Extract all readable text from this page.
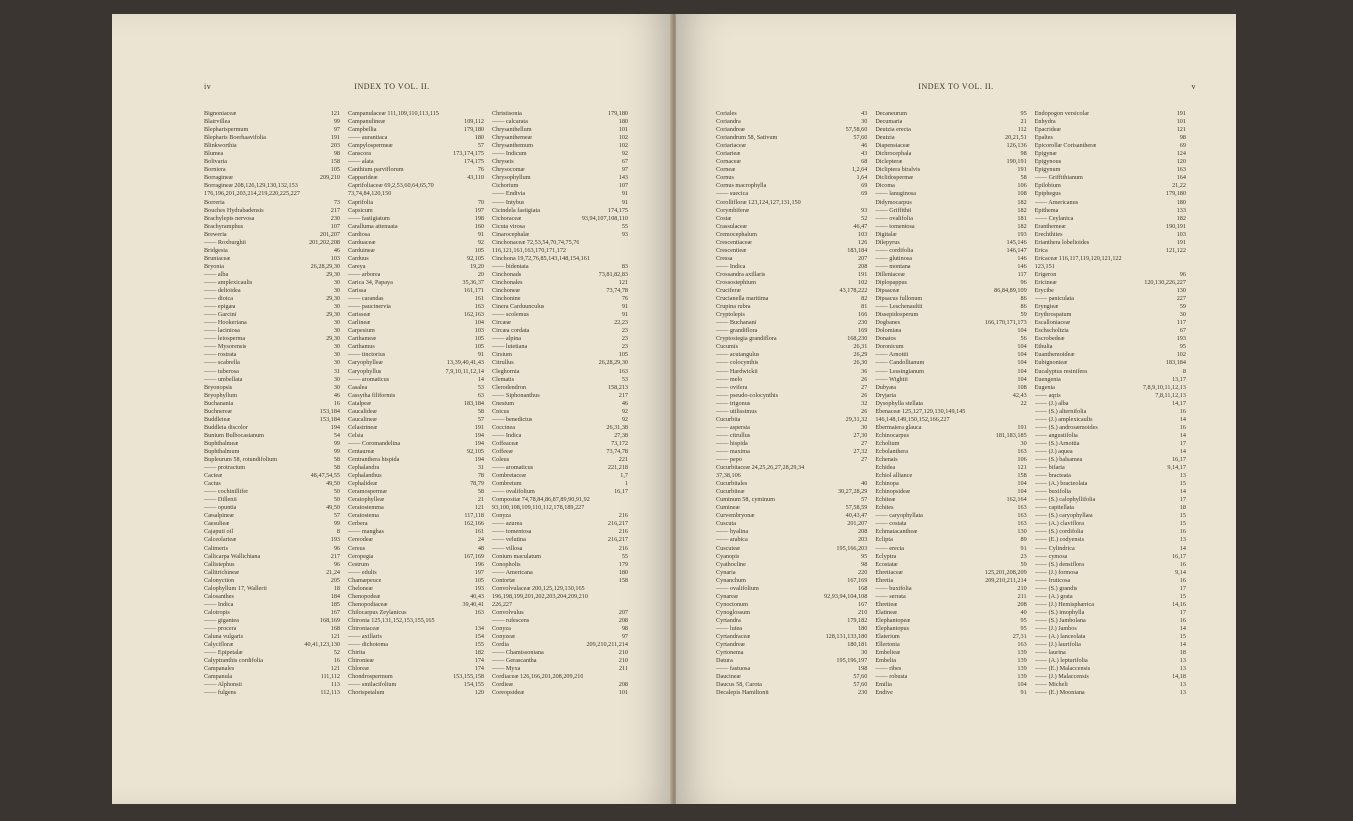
iv	INDEX TO VOL. II.
Bignoniaceæ	121
Blairvillea	99
Blepharispermum	97
Blepharis Boerhaavifolia	191
Blinkworthia	203
Blumea	98
Bolivaria	158
Borniera	105
Borragineæ	209,210
Borragineæ 208,126,129,130,132,153
176,196,201,203,214,219,220,225,227
Borreria	73
Bouches Hydrabadensis	217
Brachylepis nervosa	230
Brachyramphus	107
Breweria	201,207
—— Roxburghii	201,202,208
Bridgesia	46
Bruniaceæ	103
Bryonia	26,28,29,30
—— alba	29,30
—— amplexicaulis	30
—— deltoidea	30
—— dioica	29,30
—— epigæa	30
—— Garcini	29,30
—— Hookeriana	30
—— laciniosa	30
—— leiosperma	29,30
—— Mysorensis	30
—— rostrata	30
—— scabrella	30
—— tuberosa	31
—— umbellata	30
Bryonopsis	30
Bryophyllum	46
Buchanania	16
Buchnereæ	153,184
Buddleieæ	153,184
Buddleia discolor	194
Bunium Bulbocastanum	54
Buphthalmeæ	99
Buphthalmum	99
Bupleurum 58, rotundifolium	58
—— protractum	58
Cacteæ	48,47,54,55
Cactus	49,50
—— cochinillifer	50
—— Dillenii	50
—— opuntia	49,50
Cæsalpineæ	57
Caesulieæ	99
Cajaputi oil	8
Calceolarieæ	193
Calimeris	96
Callicarpa Wallichiana	217
Callistephus	96
Callitrichineæ	21,24
Calonyction	205
Calophyllum 17, Wallerii	18
Calosanthes	184
—— Indica	185
Calotropis	167
—— gigantea	168,169
—— procera	168
Caluna vulgaris	121
Calycifloræ	40,41,123,130
—— Epipetalæ	52
Calyptranthis cordifolia	16
Campanales	121
Campanula	111,112
—— Alphonsii	113
—— fulgens	112,113
Campanulaceæ 111,109,110,113,115
Campanulineæ	109,112
Campbellia	179,180
—— aurantiaca	180
Campylospermeæ	57
Canscora	173,174,175
—— alata	174,175
Canthium parviflorum	76
Capparideæ	43,110
Caprifoliaceæ 69,2,53,60,64,65,70
73,74,84,120,150
Caprifolia	70
Capsicum	197
—— fastigiatum	198
Caralluma attenuata	160
Cardiosa	91
Carduaceæ	92
Carduineæ	105
Carduus	92,105
Careya	19,20
—— arborea	20
Carica 34, Papaya	35,36,37
Carissa	161,171
—— carandas	161
—— paucinervia	163
Carisseæ	162,163
Carlineæ	104
Carpesium	103
Carthameæ	105
Carthamus	105
—— tinctorius	91
Caryophylleæ	13,39,40,41,43
Caryophyllus	7,9,10,11,12,14
—— aromaticus	14
Casalea	53
Cassytha filiformis	63
Catalpeæ	183,184
Caucalideæ	58
Caucalineæ	57
Celastrineæ	191
Celsia	194
—— Coromandelina	194
Centaureæ	92,105
Centranthera hispida	194
Cephalandra	31
Cephalanthus	78
Cephalideæ	78,79
Ceramospermæ	58
Ceratophylleæ	21
Ceratostemma	121
Ceratostema	117,118
Cerbera	162,166
—— manghas	161
Cereodeæ	24
Cereus	48
Ceropegia	167,169
Cestrum	196
—— edulis	197
Chamæpeuce	105
Cheloneæ	193
Chenopodeæ	40,43
Chenopodiaceæ	39,40,41
Chilocarpus Zeylanicus	163
Chironia 125,131,152,153,155,165
Chironiaceæ	134
—— axillaris	154
—— dichotoma	155
Chirita	182
Chironieæ	174
Chloreæ	174
Chondrospermum	153,155,158
—— smilacifolium	154,155
Chorispetalum	120
Christisonia	179,180
—— calcarata	180
Chrysanthellum	101
Chrysanthemeæ	102
Chrysanthemum	102
—— Indicum	92
Chryseis	67
Chrysocomæ	97
Chrysophyllum	143
Cichorium	107
—— Endivia	91
—— Intybus	91
Cicindela fastigiata	174,175
Cichoraceæ	93,94,107,108,110
Cicuta virosa	55
Cinarocephalæ	93
Cinchonaceæ 72,53,54,70,74,75,76
116,121,161,163,170,171,172
Cinchona 19,72,76,85,143,148,154,161
—— bidentata	83
Cinchonads	73,81,82,83
Cinchonales	121
Cinchoneæ	73,74,78
Cinchonine	76
Cinera Carduunculus	91
—— scolemus	91
Circææ	22,23
Circæa cordata	23
—— alpina	23
—— lutetiana	23
Cirsium	105
Citrullus	26,28,29,30
Cleghornia	163
Clematis	53
Clerodendron	158,213
—— Siphonanthus	217
Cnestum	46
Cnicus	92
—— benedictus	92
Coccinea	26,31,38
—— Indica	27,38
Coffeaceæ	73,172
Coffeeæ	73,74,78
Coleus	221
—— aromaticus	221,218
Combretaceæ	1,7
Combretum	1
—— ovalifolium	16,17
Compositæ 74,78,84,86,87,89,90,91,92
93,100,108,109,110,112,178,189,227
Conyza	216
—— azurea	216,217
—— tomentosa	216
—— velutina	216,217
—— villosa	216
Conium maculatum	55
Conopholis	179
—— Americana	180
Contortæ	158
Convolvulaceæ 200,125,129,130,165
196,198,199,201,202,203,204,209,210
226,227
Convolvulus	207
—— rufescens	208
Conyza	98
Conyzeæ	97
Cordia	209,210,211,214
—— Chamissoniana	210
—— Gerascantha	210
—— Myxa	211
Cordiaceæ 126,166,201,208,209,210
Cordieæ	208
Coreopsideæ	101
INDEX TO VOL. II.	v
Coriales	43
Coriandra	30
Coriandreæ	57,58,60
Coriandrum 58, Sativum	57,60
Coriariaceæ	46
Coriarieæ	43
Cornaceæ	68
Corneæ	1,2,64
Cornus	1,64
Cornus macrophylla	69
—— suecica	69
Corollifloræ 123,124,127,131,150
Corymbiferæ	93
Costæ	52
Crassulaceæ	46,47
Cremocephalum	103
Crescentiaceæ	126
Crescentieæ	183,184
Cressa	207
—— Indica	208
Crossandra axillaris	191
Crossostephium	102
Cruciferæ	43,178,222
Crucianella maritima	82
Crupina rubra	81
Cryptolepis	166
—— Buchanani	230
—— grandiflora	169
Cryptostegia grandiflora	168,230
Cucumis	26,31
—— acutangulus	26,29
—— colocynthis	26,30
—— Hardwickii	36
—— melo	26
—— ovifera	27
—— pseudo-colocynthis	26
—— trigonus	32
—— utilissimus	26
Cucurbita	29,31,32
—— aspersta	30
—— citrullus	27,30
—— hispida	27
—— maxima	27,32
—— pepo	27
Cucurbitaceæ 24,25,26,27,28,29,34
37,38,106
Cucurbitales	40
Cucurbiteæ	30,27,28,29
Cuminum 58, cyminum	57
Cumineæ	57,58,59
Curvembryonæ	40,43,47
Cuscuta	201,207
—— hyalina	208
—— arabica	203
Cuscuteæ	195,166,203
Cyanopis	95
Cyathocline	98
Cynaria	220
Cynanchum	167,169
—— ovalifolium	168
Cynareæ	92,93,94,104,108
Cynoctonum	167
Cynoglossum	210
Cyrtandra	179,182
—— lutea	180
Cyrtandraceæ	128,131,133,180
Cyrtandreæ	180,181
Cyrtonema	30
Datura	195,196,197
—— fastuosa	198
Daucineæ	57,60
Daucus 58, Carota	57,60
Decalepis Hamiltonii	230
Decaneurum	95
Decumaria	21
Deutzia erecta	112
Deutzia	20,21,51
Diapensiaceæ	126,136
Dichrocephala	98
Diclepteræ	190,191
Dicliptera biralvis	191
Diclidospermæ	58
Dicoma	106
—— lanuginosa	108
Didymocarpus	182
—— Griffithii	182
—— ovalifolia	181
—— tomentosa	182
Digitalæ	193
Dilepyrus	145,146
—— cordifolia	146,147
—— glutinosa	146
—— montana	146
Dilleniaceæ	117
Diplopappus	96
Dipsaceæ	86,84,89,109
Dipsacus fullonum	86
—— Leschenaultii	86
Dissepidosperum	59
Dogbanes	166,170,171,173
Dolomiæa	104
Donatos	56
Doronicum	104
—— Arnottii	104
—— Candollianum	104
—— Lessingianum	104
—— Wightii	104
Dubyæa	108
Dryjaria	42,43
Dysophylla stellata	22
Ebenaceæ 125,127,129,130,149,145
146,148,149,150,152,166,227
Ebermaiera glauca	191
Echinocarpus	181,183,185
Echolium	30
Ecbolanthera	163
Echenais	106
Echidea	121
Echiol alliance	158
Echinopa	104
Echinopsideæ	104
Echiteæ	162,164
Echites	163
—— caryophyllata	163
—— costata	163
Echmatacantheæ	130
Eclipta	89
—— erecta	91
Eclyptra	23
Ecostatæ	59
Ehretiaceæ	125,201,208,209
Ehretia	209,210,211,214
—— buxifolia	210
—— serrata	211
Ehretieæ	208
Elatineæ	40
Elephantopeæ	95
Elephantopus	95
Elaterium	27,31
Ellertonia	163
Embelieæ	139
Embelia	139
—— ribes	139
—— robusta	139
Emilia	104
Endive	91
Endopogon versicolar	191
Enhydra	101
Epacrideæ	121
Epaltes	98
Epicorollæ Corisantheræ	69
Epigynæ	124
Epigynous	120
Epigynum	163
—— Griffithianum	164
Epilobium	21,22
Epiphegus	179,180
—— Americanus	180
Epithema	133
—— Ceylanica	182
Eranthemeæ	190,191
Erechthites	103
Erianthera lobelioides	191
Erica	121,122
Ericaceæ 116,117,119,120,121,122
123,151
Erigeron	96
Ericineæ	120,130,226,227
Erycibe	130
—— paniculata	227
Eryngieæ	59
Erythrospatum	30
Escalloniaceæ	117
Eschscholtzia	67
Escrobedeæ	193
Ethulia	95
Euanthemoideæ	102
Eubignonieæ	183,184
Eucalyptus resinifera	8
Euengenia	13,17
Eugenia	7,8,9,10,11,12,13
—— aqris	7,8,11,12,13
—— (J.) alba	14,17
—— (S.) alternifolia	16
—— (J.) amplexicaulis	14
—— (S.) androsæmoides	16
—— angustifolia	14
—— (S.) Arnottia	17
—— (J.) aquea	14
—— (S.) balsamea	16,17
—— bifaria	9,14,17
—— bracteata	13
—— (A.) bracteolata	15
—— buxifolia	14
—— (S.) calophyllifolia	17
—— capitellata	18
—— (S.) caryophyllæa	15
—— (A.) claviflora	15
—— (S.) cordifolia	16
—— (E.) codyensis	13
—— Cylindrica	14
—— cymosa	16,17
—— (S.) densiflora	16
—— (J.) formosa	9,14
—— fruticosa	16
—— (S.) grandis	17
—— (A.) grata	15
—— (J.) Hemisphærica	14,16
—— (S.) imophylla	17
—— (S.) Jambolana	16
—— (J.) Jambos	14
—— (A.) lanceolata	15
—— (J.) laurifolia	14
—— laurina	18
—— (A.) lepturifolia	13
—— (E.) Malaccensis	13
—— (J.) Malaccensis	14,18
—— Micheli	13
—— (E.) Mooniana	13
